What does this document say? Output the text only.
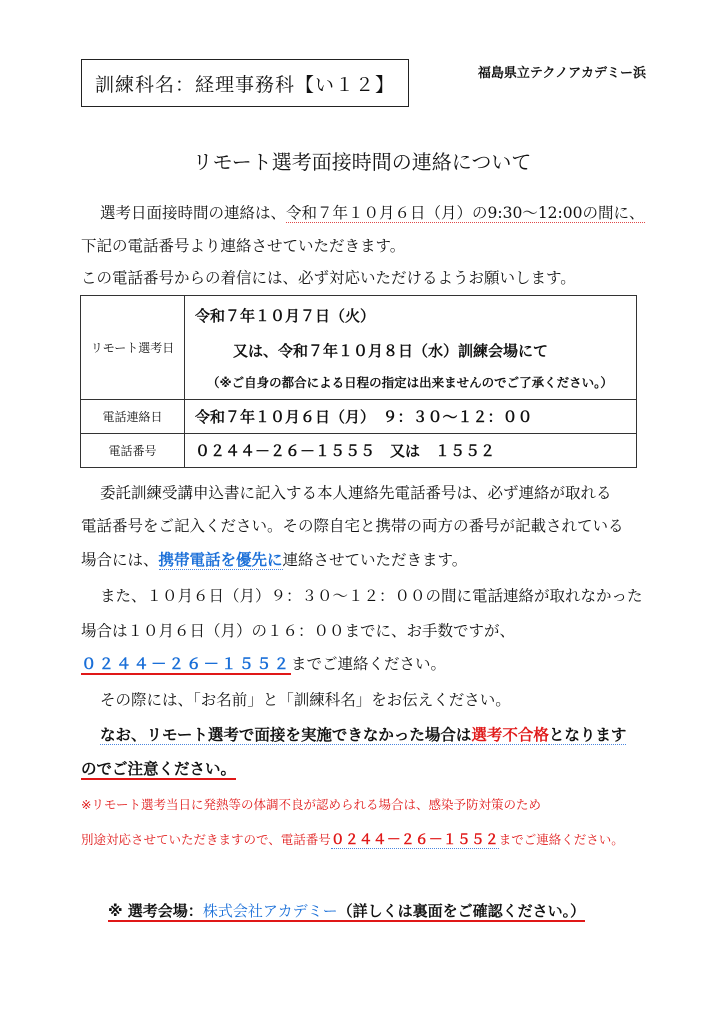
訓練科名：経理事務科【い１２】	福島県立テクノアカデミー浜
リモート選考面接時間の連絡について
選考日面接時間の連絡は、令和７年１０月６日（月）の9:30〜12:00の間に、
下記の電話番号より連絡させていただきます。
この電話番号からの着信には、必ず対応いただけるようお願いします。
リモート選考日	令和７年１０月７日（火）
又は、令和７年１０月８日（水）訓練会場にて
（※ご自身の都合による日程の指定は出来ませんのでご了承ください。）

電話連絡日	令和７年１０月６日（月）　９：３０〜１２：００
電話番号	０２４４－２６－１５５５　又は　１５５２
委託訓練受講申込書に記入する本人連絡先電話番号は、必ず連絡が取れる
電話番号をご記入ください。その際自宅と携帯の両方の番号が記載されている
場合には、携帯電話を優先に連絡させていただきます。
また、１０月６日（月）９：３０〜１２：００の間に電話連絡が取れなかった
場合は１０月６日（月）の１６：００までに、お手数ですが、
０２４４－２６－１５５２までご連絡ください。
その際には、「お名前」と「訓練科名」をお伝えください。
なお、リモート選考で面接を実施できなかった場合は選考不合格となります
のでご注意ください。
※リモート選考当日に発熱等の体調不良が認められる場合は、感染予防対策のため
別途対応させていただきますので、電話番号０２４４－２６－１５５２までご連絡ください。
※ 選考会場：株式会社アカデミー（詳しくは裏面をご確認ください。）
